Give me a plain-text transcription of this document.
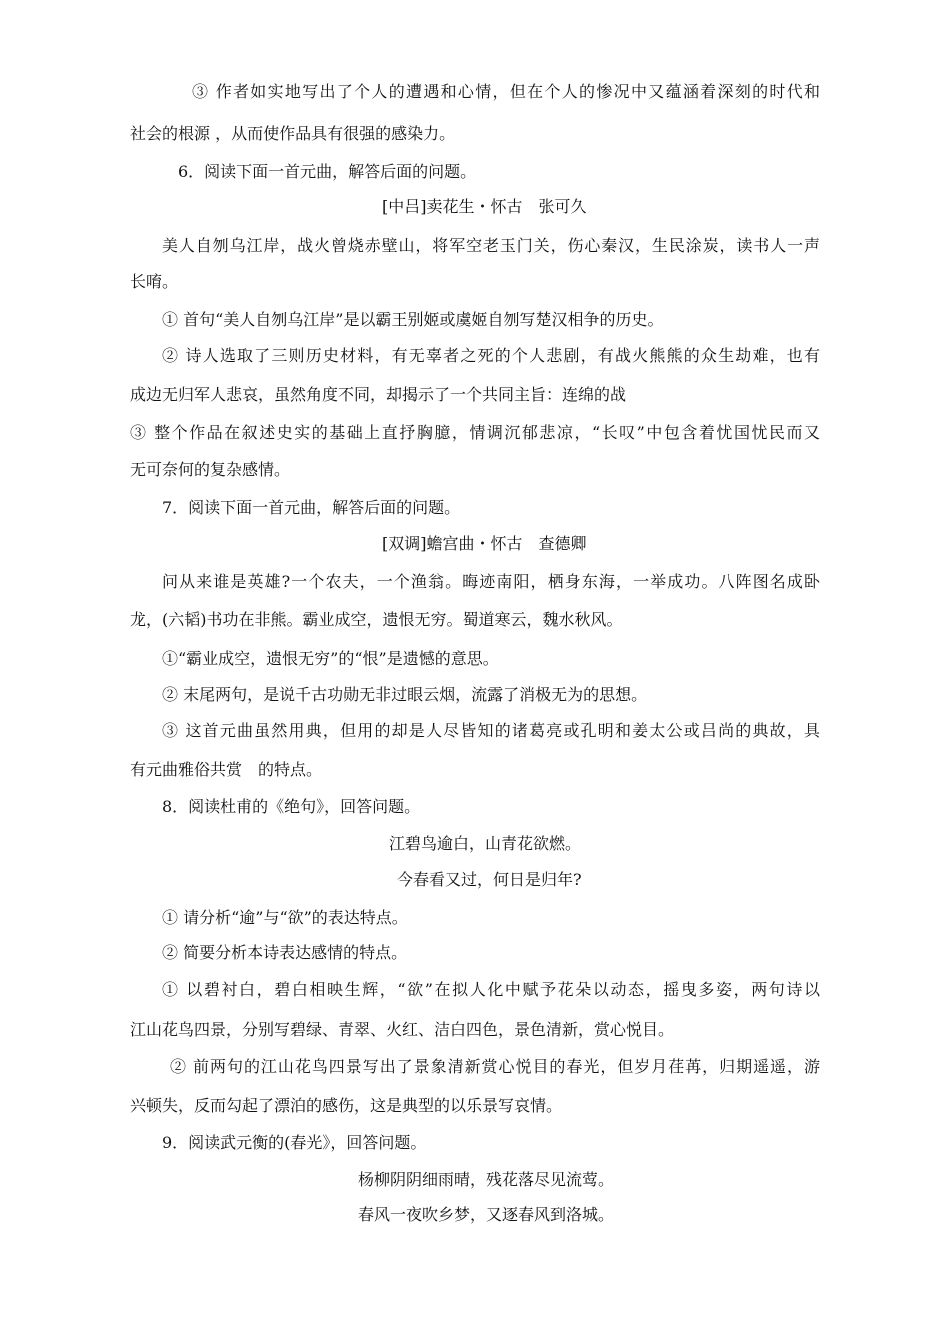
③ 作者如实地写出了个人的遭遇和心情，但在个人的惨况中又蕴涵着深刻的时代和
社会的根源 ，从而使作品具有很强的感染力。
6．阅读下面一首元曲，解答后面的问题。
[中吕]卖花生・怀古　张可久
美人自刎乌江岸，战火曾烧赤壁山，将军空老玉门关，伤心秦汉，生民涂炭，读书人一声
长唷。
① 首句“美人自刎乌江岸”是以霸王别姬或虞姬自刎写楚汉相争的历史。
② 诗人选取了三则历史材料，有无辜者之死的个人悲剧，有战火熊熊的众生劫难，也有
成边无归军人悲哀，虽然角度不同，却揭示了一个共同主旨：连绵的战
③ 整个作品在叙述史实的基础上直抒胸臆，情调沉郁悲凉，“长叹”中包含着忧国忧民而又
无可奈何的复杂感情。
7．阅读下面一首元曲，解答后面的问题。
[双调]蟾宫曲・怀古　查德卿
问从来谁是英雄?一个农夫，一个渔翁。晦迹南阳，栖身东海，一举成功。八阵图名成卧
龙，(六韬)书功在非熊。霸业成空，遗恨无穷。蜀道寒云，魏水秋风。
①“霸业成空，遗恨无穷”的“恨”是遗憾的意思。
② 末尾两句，是说千古功勋无非过眼云烟，流露了消极无为的思想。
③ 这首元曲虽然用典，但用的却是人尽皆知的诸葛亮或孔明和姜太公或吕尚的典故，具
有元曲雅俗共赏　的特点。
8．阅读杜甫的《绝句》，回答问题。
江碧鸟逾白，山青花欲燃。
今春看又过，何日是归年?
① 请分析“逾”与“欲”的表达特点。
② 简要分析本诗表达感情的特点。
① 以碧衬白，碧白相映生辉，“欲”在拟人化中赋予花朵以动态，摇曳多姿，两句诗以
江山花鸟四景，分别写碧绿、青翠、火红、洁白四色，景色清新，赏心悦目。
② 前两句的江山花鸟四景写出了景象清新赏心悦目的春光，但岁月荏苒，归期遥遥，游
兴顿失，反而勾起了漂泊的感伤，这是典型的以乐景写哀情。
9．阅读武元衡的(春光》，回答问题。
杨柳阴阴细雨晴，残花落尽见流莺。
春风一夜吹乡梦，又逐春风到洛城。
